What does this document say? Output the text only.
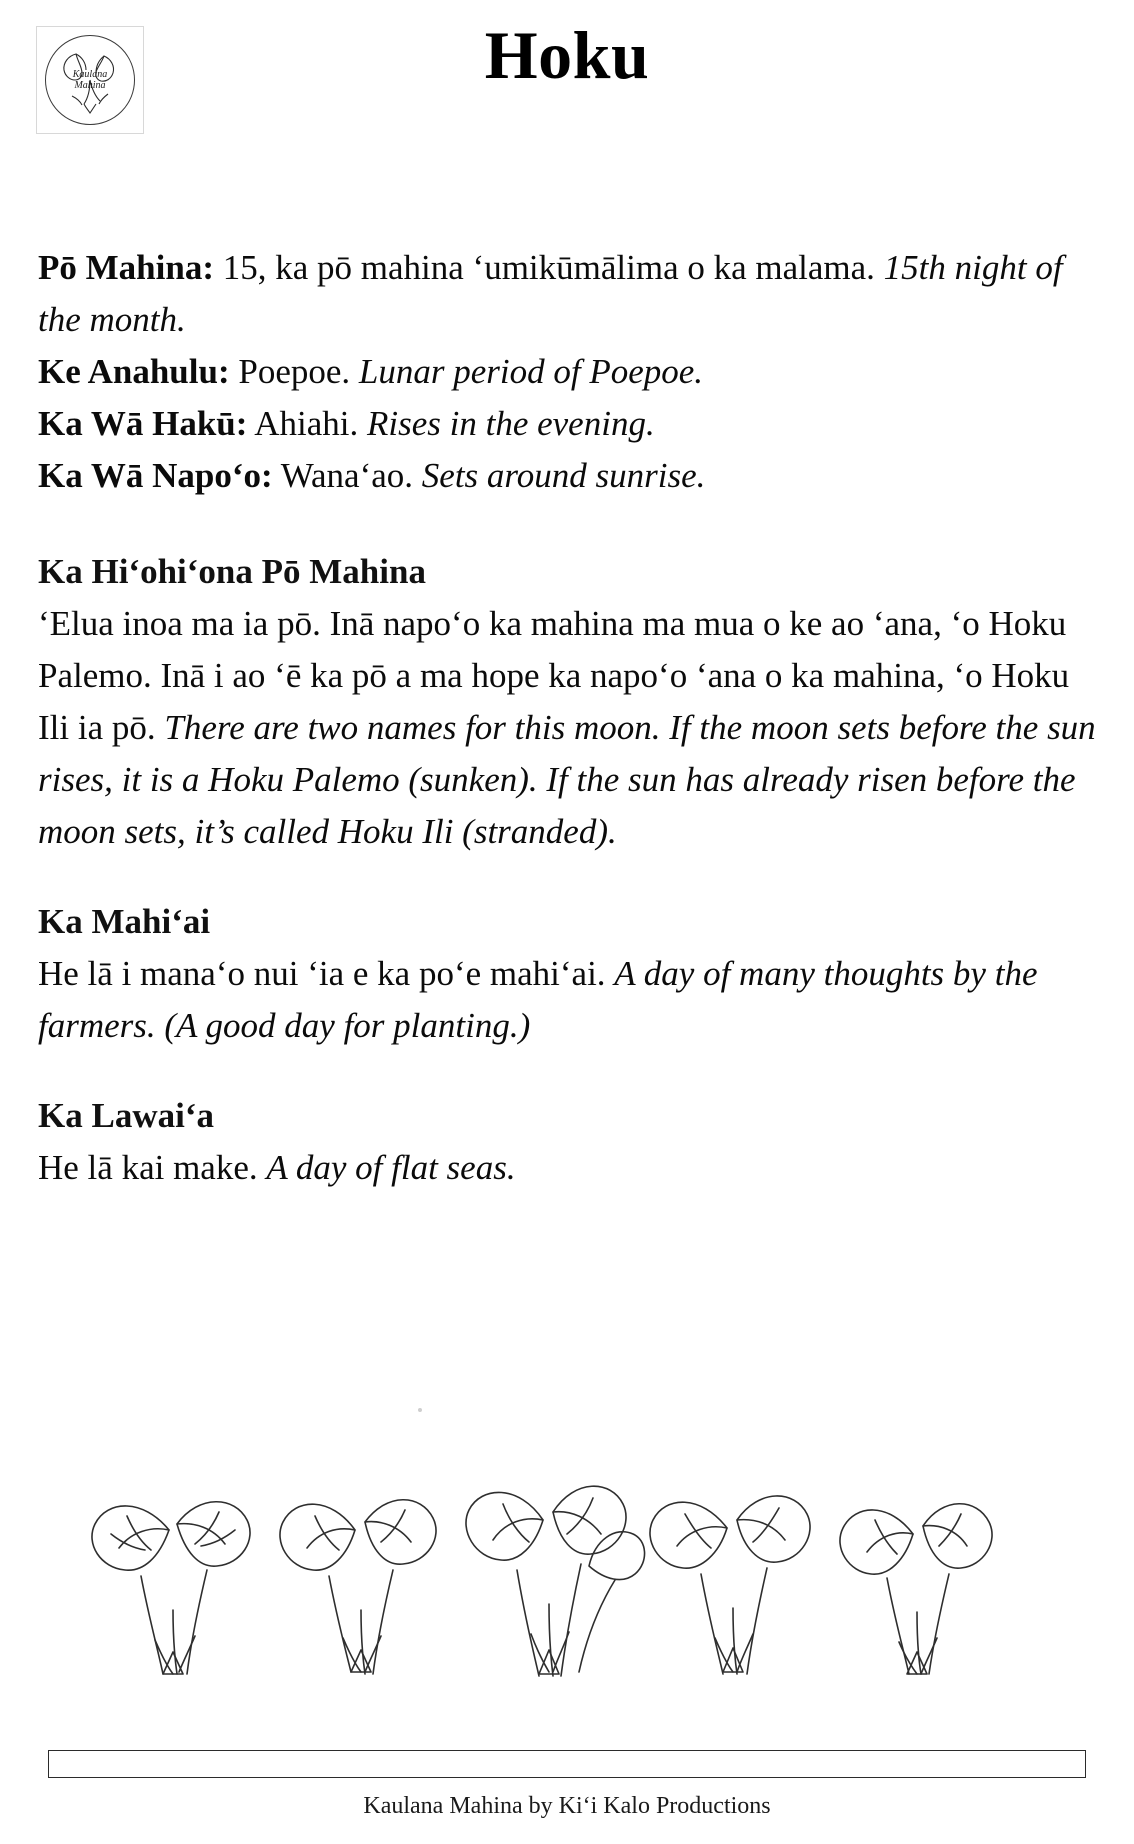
Kaulana
Mahina	Hoku
Pō Mahina: 15, ka pō mahina ʻumikūmālima o ka malama. 15th night of the month.
Ke Anahulu: Poepoe. Lunar period of Poepoe.
Ka Wā Hakū: Ahiahi. Rises in the evening.
Ka Wā Napoʻo: Wanaʻao. Sets around sunrise.
Ka Hiʻohiʻona Pō Mahina
ʻElua inoa ma ia pō. Inā napoʻo ka mahina ma mua o ke ao ʻana, ʻo Hoku Palemo. Inā i ao ʻē ka pō a ma hope ka napoʻo ʻana o ka mahina, ʻo Hoku Ili ia pō. There are two names for this moon. If the moon sets before the sun rises, it is a Hoku Palemo (sunken). If the sun has already risen before the moon sets, it’s called Hoku Ili (stranded).
Ka Mahiʻai
He lā i manaʻo nui ʻia e ka poʻe mahiʻai. A day of many thoughts by the farmers. (A good day for planting.)
Ka Lawaiʻa
He lā kai make. A day of flat seas.
Kaulana Mahina by Kiʻi Kalo Productions
